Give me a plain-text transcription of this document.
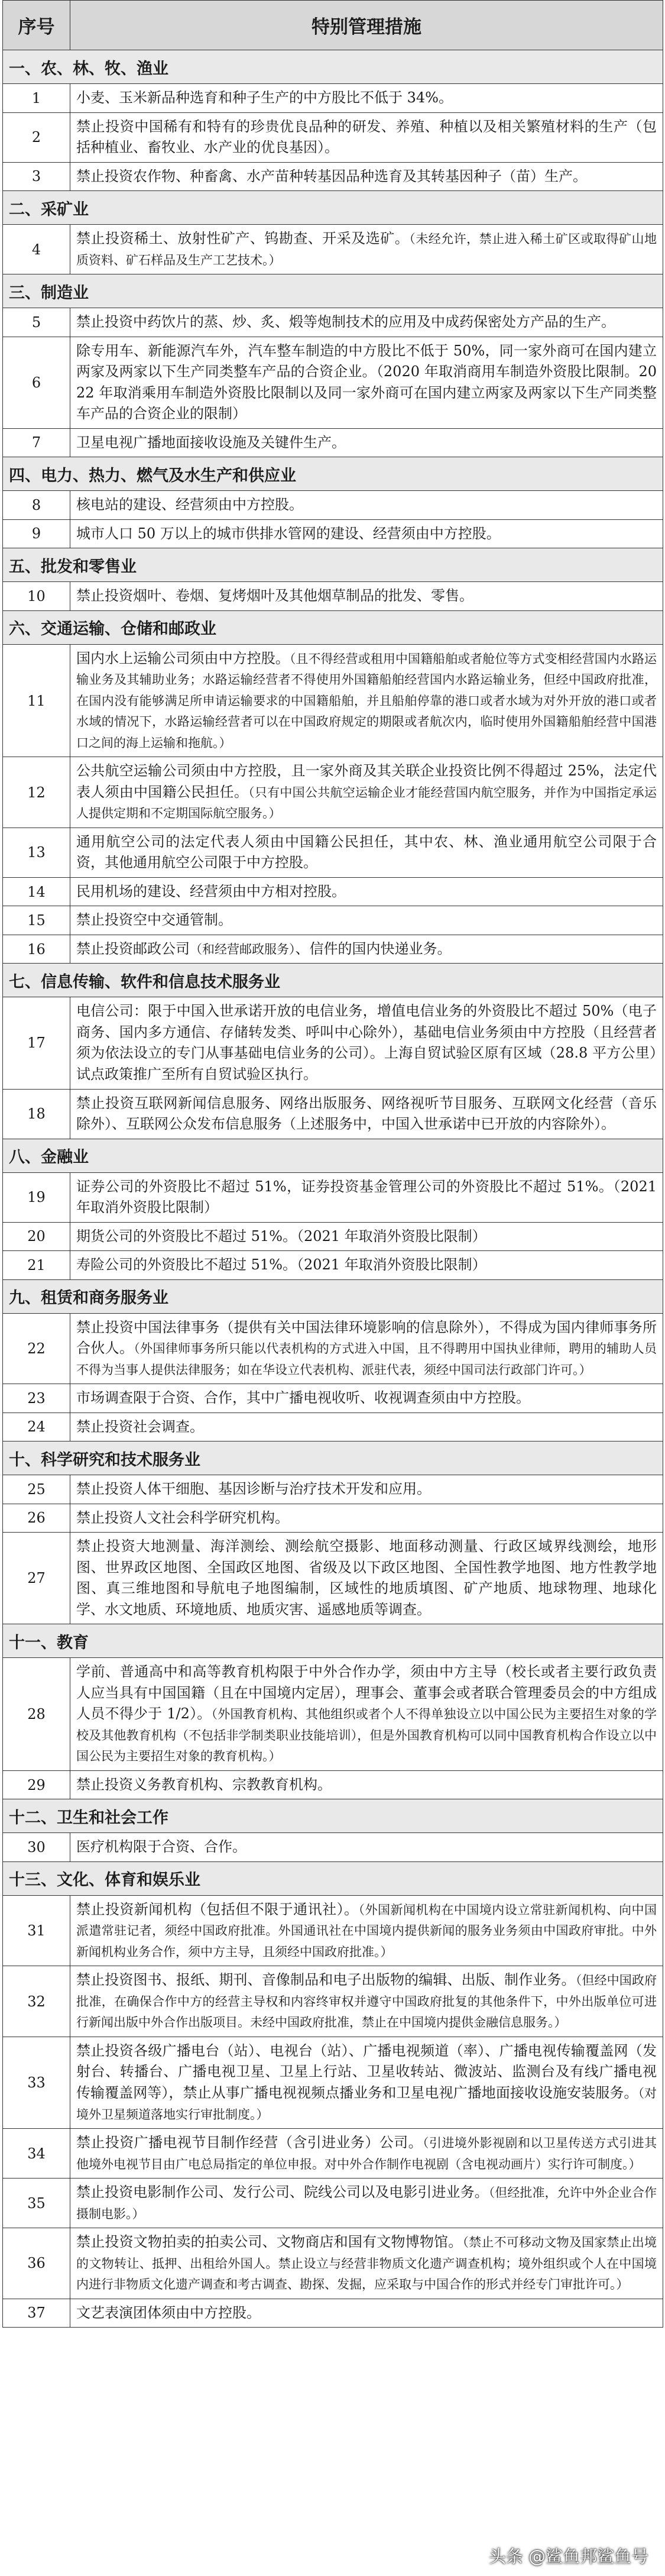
序号	特别管理措施
一、农、林、牧、渔业	
1	小麦、玉米新品种选育和种子生产的中方股比不低于 34%。
2	禁止投资中国稀有和特有的珍贵优良品种的研发、养殖、种植以及相关繁殖材料的生产（包括种植业、畜牧业、水产业的优良基因）。
3	禁止投资农作物、种畜禽、水产苗种转基因品种选育及其转基因种子（苗）生产。
二、采矿业	
4	禁止投资稀土、放射性矿产、钨勘查、开采及选矿。（未经允许，禁止进入稀土矿区或取得矿山地质资料、矿石样品及生产工艺技术。）
三、制造业	
5	禁止投资中药饮片的蒸、炒、炙、煅等炮制技术的应用及中成药保密处方产品的生产。
6	除专用车、新能源汽车外，汽车整车制造的中方股比不低于 50%，同一家外商可在国内建立两家及两家以下生产同类整车产品的合资企业。（2020 年取消商用车制造外资股比限制。2022 年取消乘用车制造外资股比限制以及同一家外商可在国内建立两家及两家以下生产同类整车产品的合资企业的限制）
7	卫星电视广播地面接收设施及关键件生产。
四、电力、热力、燃气及水生产和供应业	
8	核电站的建设、经营须由中方控股。
9	城市人口 50 万以上的城市供排水管网的建设、经营须由中方控股。
五、批发和零售业	
10	禁止投资烟叶、卷烟、复烤烟叶及其他烟草制品的批发、零售。
六、交通运输、仓储和邮政业	
11	国内水上运输公司须由中方控股。（且不得经营或租用中国籍船舶或者舱位等方式变相经营国内水路运输业务及其辅助业务；水路运输经营者不得使用外国籍船舶经营国内水路运输业务，但经中国政府批准，在国内没有能够满足所申请运输要求的中国籍船舶，并且船舶停靠的港口或者水域为对外开放的港口或者水域的情况下，水路运输经营者可以在中国政府规定的期限或者航次内，临时使用外国籍船舶经营中国港口之间的海上运输和拖航。）
12	公共航空运输公司须由中方控股，且一家外商及其关联企业投资比例不得超过 25%，法定代表人须由中国籍公民担任。（只有中国公共航空运输企业才能经营国内航空服务，并作为中国指定承运人提供定期和不定期国际航空服务。）
13	通用航空公司的法定代表人须由中国籍公民担任，其中农、林、渔业通用航空公司限于合资，其他通用航空公司限于中方控股。
14	民用机场的建设、经营须由中方相对控股。
15	禁止投资空中交通管制。
16	禁止投资邮政公司（和经营邮政服务）、信件的国内快递业务。
七、信息传输、软件和信息技术服务业	
17	电信公司：限于中国入世承诺开放的电信业务，增值电信业务的外资股比不超过 50%（电子商务、国内多方通信、存储转发类、呼叫中心除外），基础电信业务须由中方控股（且经营者须为依法设立的专门从事基础电信业务的公司）。上海自贸试验区原有区域（28.8 平方公里）试点政策推广至所有自贸试验区执行。
18	禁止投资互联网新闻信息服务、网络出版服务、网络视听节目服务、互联网文化经营（音乐除外）、互联网公众发布信息服务（上述服务中，中国入世承诺中已开放的内容除外）。
八、金融业	
19	证券公司的外资股比不超过 51%，证券投资基金管理公司的外资股比不超过 51%。（2021 年取消外资股比限制）
20	期货公司的外资股比不超过 51%。（2021 年取消外资股比限制）
21	寿险公司的外资股比不超过 51%。（2021 年取消外资股比限制）
九、租赁和商务服务业	
22	禁止投资中国法律事务（提供有关中国法律环境影响的信息除外），不得成为国内律师事务所合伙人。（外国律师事务所只能以代表机构的方式进入中国，且不得聘用中国执业律师，聘用的辅助人员不得为当事人提供法律服务；如在华设立代表机构、派驻代表，须经中国司法行政部门许可。）
23	市场调查限于合资、合作，其中广播电视收听、收视调查须由中方控股。
24	禁止投资社会调查。
十、科学研究和技术服务业	
25	禁止投资人体干细胞、基因诊断与治疗技术开发和应用。
26	禁止投资人文社会科学研究机构。
27	禁止投资大地测量、海洋测绘、测绘航空摄影、地面移动测量、行政区域界线测绘，地形图、世界政区地图、全国政区地图、省级及以下政区地图、全国性教学地图、地方性教学地图、真三维地图和导航电子地图编制，区域性的地质填图、矿产地质、地球物理、地球化学、水文地质、环境地质、地质灾害、遥感地质等调查。
十一、教育	
28	学前、普通高中和高等教育机构限于中外合作办学，须由中方主导（校长或者主要行政负责人应当具有中国国籍（且在中国境内定居），理事会、董事会或者联合管理委员会的中方组成人员不得少于 1/2）。（外国教育机构、其他组织或者个人不得单独设立以中国公民为主要招生对象的学校及其他教育机构（不包括非学制类职业技能培训），但是外国教育机构可以同中国教育机构合作设立以中国公民为主要招生对象的教育机构。）
29	禁止投资义务教育机构、宗教教育机构。
十二、卫生和社会工作	
30	医疗机构限于合资、合作。
十三、文化、体育和娱乐业	
31	禁止投资新闻机构（包括但不限于通讯社）。（外国新闻机构在中国境内设立常驻新闻机构、向中国派遣常驻记者，须经中国政府批准。外国通讯社在中国境内提供新闻的服务业务须由中国政府审批。中外新闻机构业务合作，须中方主导，且须经中国政府批准。）
32	禁止投资图书、报纸、期刊、音像制品和电子出版物的编辑、出版、制作业务。（但经中国政府批准，在确保合作中方的经营主导权和内容终审权并遵守中国政府批复的其他条件下，中外出版单位可进行新闻出版中外合作出版项目。未经中国政府批准，禁止在中国境内提供金融信息服务。）
33	禁止投资各级广播电台（站）、电视台（站）、广播电视频道（率）、广播电视传输覆盖网（发射台、转播台、广播电视卫星、卫星上行站、卫星收转站、微波站、监测台及有线广播电视传输覆盖网等），禁止从事广播电视视频点播业务和卫星电视广播地面接收设施安装服务。（对境外卫星频道落地实行审批制度。）
34	禁止投资广播电视节目制作经营（含引进业务）公司。（引进境外影视剧和以卫星传送方式引进其他境外电视节目由广电总局指定的单位申报。对中外合作制作电视剧（含电视动画片）实行许可制度。）
35	禁止投资电影制作公司、发行公司、院线公司以及电影引进业务。（但经批准，允许中外企业合作摄制电影。）
36	禁止投资文物拍卖的拍卖公司、文物商店和国有文物博物馆。（禁止不可移动文物及国家禁止出境的文物转让、抵押、出租给外国人。禁止设立与经营非物质文化遗产调查机构；境外组织或个人在中国境内进行非物质文化遗产调查和考古调查、勘探、发掘，应采取与中国合作的形式并经专门审批许可。）
37	文艺表演团体须由中方控股。
头条 @鲨鱼邦鲨鱼号
